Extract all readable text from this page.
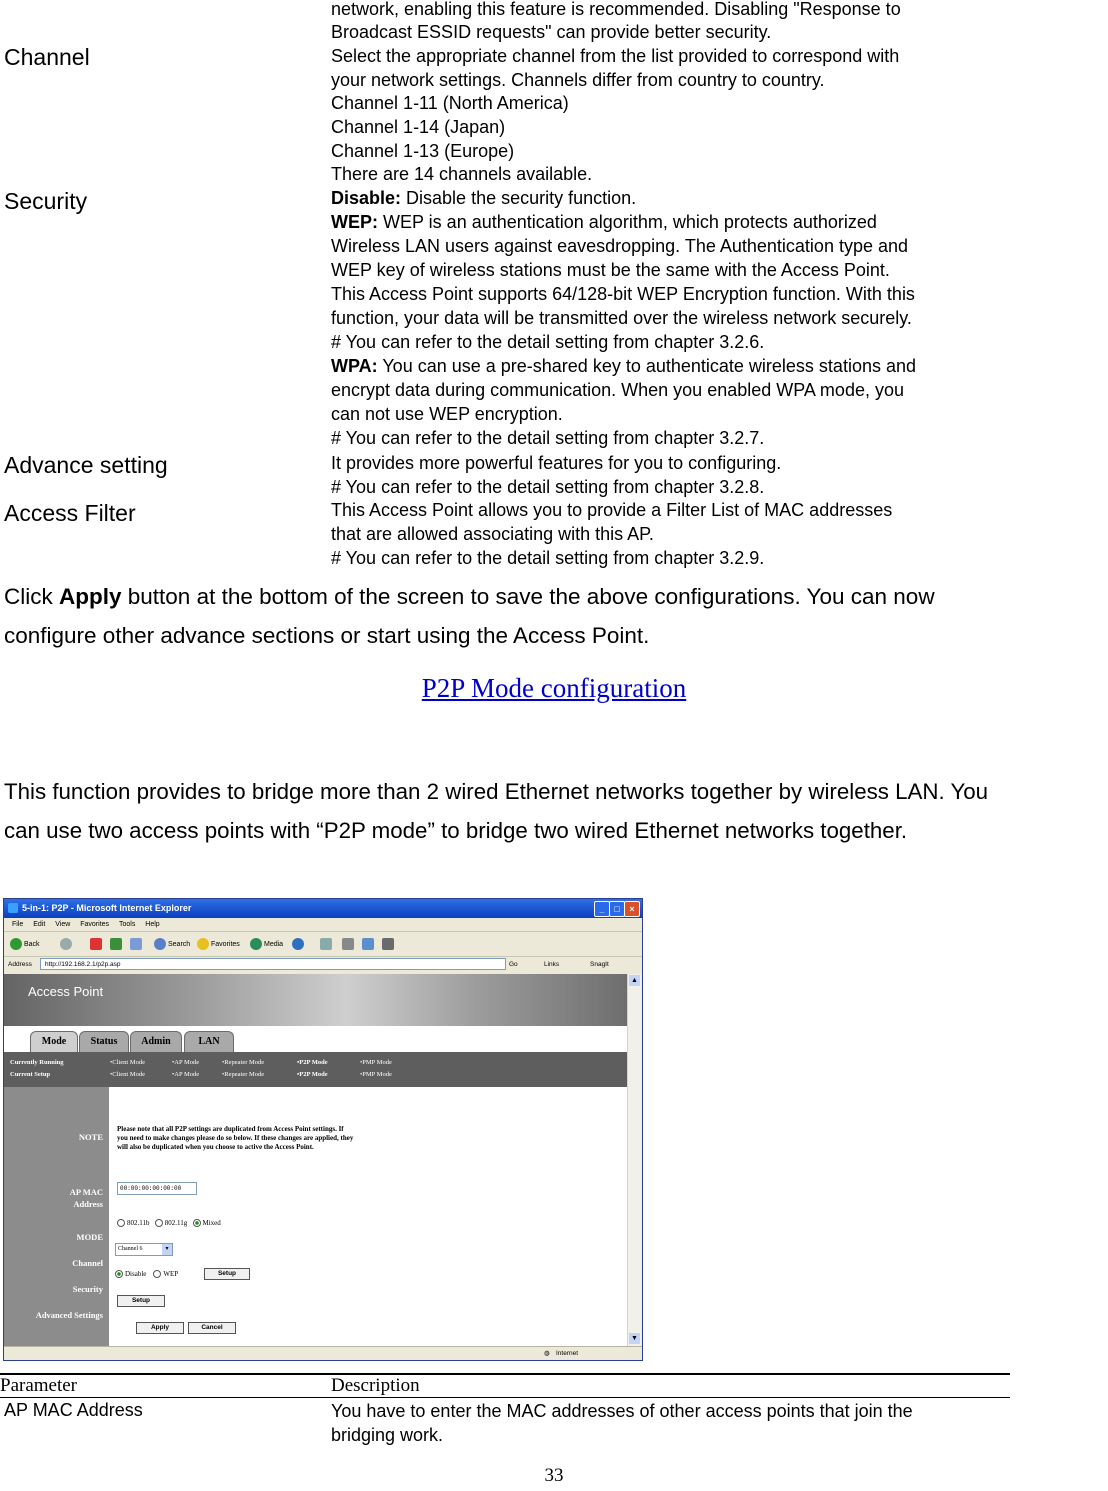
network, enabling this feature is recommended. Disabling "Response to
Broadcast ESSID requests" can provide better security.
Channel	Select the appropriate channel from the list provided to correspond with
your network settings. Channels differ from country to country.
Channel 1-11 (North America)
Channel 1-14 (Japan)
Channel 1-13 (Europe)
There are 14 channels available.
Security	Disable: Disable the security function.
WEP: WEP is an authentication algorithm, which protects authorized
Wireless LAN users against eavesdropping. The Authentication type and
WEP key of wireless stations must be the same with the Access Point.
This Access Point supports 64/128-bit WEP Encryption function. With this
function, your data will be transmitted over the wireless network securely.
# You can refer to the detail setting from chapter 3.2.6.
WPA: You can use a pre-shared key to authenticate wireless stations and
encrypt data during communication. When you enabled WPA mode, you
can not use WEP encryption.
# You can refer to the detail setting from chapter 3.2.7.
Advance setting	It provides more powerful features for you to configuring.
# You can refer to the detail setting from chapter 3.2.8.
Access Filter	This Access Point allows you to provide a Filter List of MAC addresses
that are allowed associating with this AP.
# You can refer to the detail setting from chapter 3.2.9.
Click Apply button at the bottom of the screen to save the above configurations. You can now
configure other advance sections or start using the Access Point.
P2P Mode configuration
This function provides to bridge more than 2 wired Ethernet networks together by wireless LAN. You
can use two access points with “P2P mode” to bridge two wired Ethernet networks together.
5-in-1: P2P - Microsoft Internet Explorer	_	□	×
File Edit View Favorites Tools Help
Back	Search	Favorites	Media
Address	http://192.168.2.1/p2p.asp	Go	Links	SnagIt
Access Point
Mode	Status	Admin	LAN
Currently Running
Current Setup
•Client Mode	•AP Mode	•Repeater Mode	•P2P Mode	•PMP Mode
•Client Mode	•AP Mode	•Repeater Mode	•P2P Mode	•PMP Mode
NOTE
AP MAC
Address
MODE
Channel
Security
Advanced Settings
Please note that all P2P settings are duplicated from Access Point settings. If
you need to make changes please do so below. If these changes are applied, they
will also be duplicated when you choose to active the Access Point.
00:00:00:00:00:00
802.11b 802.11g Mixed
Channel 6	▾
Disable WEP	Setup
Setup
Apply	Cancel
▲
▼
◍ Internet
Parameter	Description
AP MAC Address	You have to enter the MAC addresses of other access points that join the
bridging work.
33
